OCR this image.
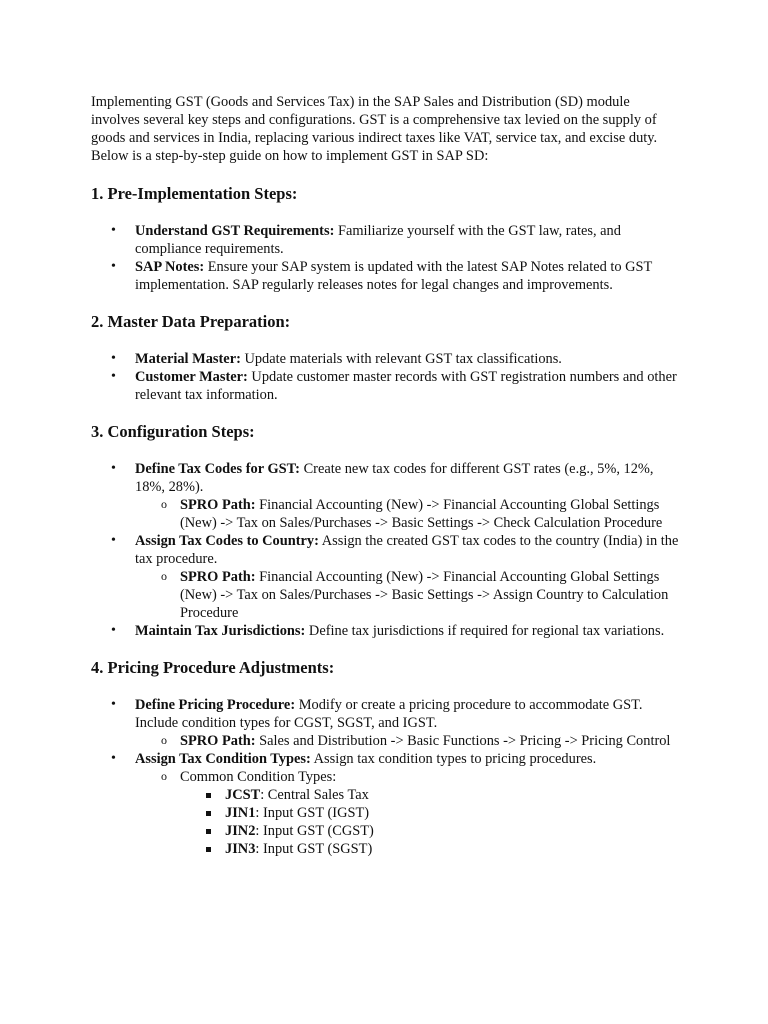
Implementing GST (Goods and Services Tax) in the SAP Sales and Distribution (SD) module involves several key steps and configurations. GST is a comprehensive tax levied on the supply of goods and services in India, replacing various indirect taxes like VAT, service tax, and excise duty. Below is a step-by-step guide on how to implement GST in SAP SD:

1. Pre-Implementation Steps:
• Understand GST Requirements: Familiarize yourself with the GST law, rates, and compliance requirements.
• SAP Notes: Ensure your SAP system is updated with the latest SAP Notes related to GST implementation. SAP regularly releases notes for legal changes and improvements.
2. Master Data Preparation:
• Material Master: Update materials with relevant GST tax classifications.
• Customer Master: Update customer master records with GST registration numbers and other relevant tax information.
3. Configuration Steps:
• Define Tax Codes for GST: Create new tax codes for different GST rates (e.g., 5%, 12%, 18%, 28%).
o SPRO Path: Financial Accounting (New) -> Financial Accounting Global Settings (New) -> Tax on Sales/Purchases -> Basic Settings -> Check Calculation Procedure
• Assign Tax Codes to Country: Assign the created GST tax codes to the country (India) in the tax procedure.
o SPRO Path: Financial Accounting (New) -> Financial Accounting Global Settings (New) -> Tax on Sales/Purchases -> Basic Settings -> Assign Country to Calculation Procedure
• Maintain Tax Jurisdictions: Define tax jurisdictions if required for regional tax variations.
4. Pricing Procedure Adjustments:
• Define Pricing Procedure: Modify or create a pricing procedure to accommodate GST. Include condition types for CGST, SGST, and IGST.
o SPRO Path: Sales and Distribution -> Basic Functions -> Pricing -> Pricing Control
• Assign Tax Condition Types: Assign tax condition types to pricing procedures.
o Common Condition Types:
JCST: Central Sales Tax
JIN1: Input GST (IGST)
JIN2: Input GST (CGST)
JIN3: Input GST (SGST)
